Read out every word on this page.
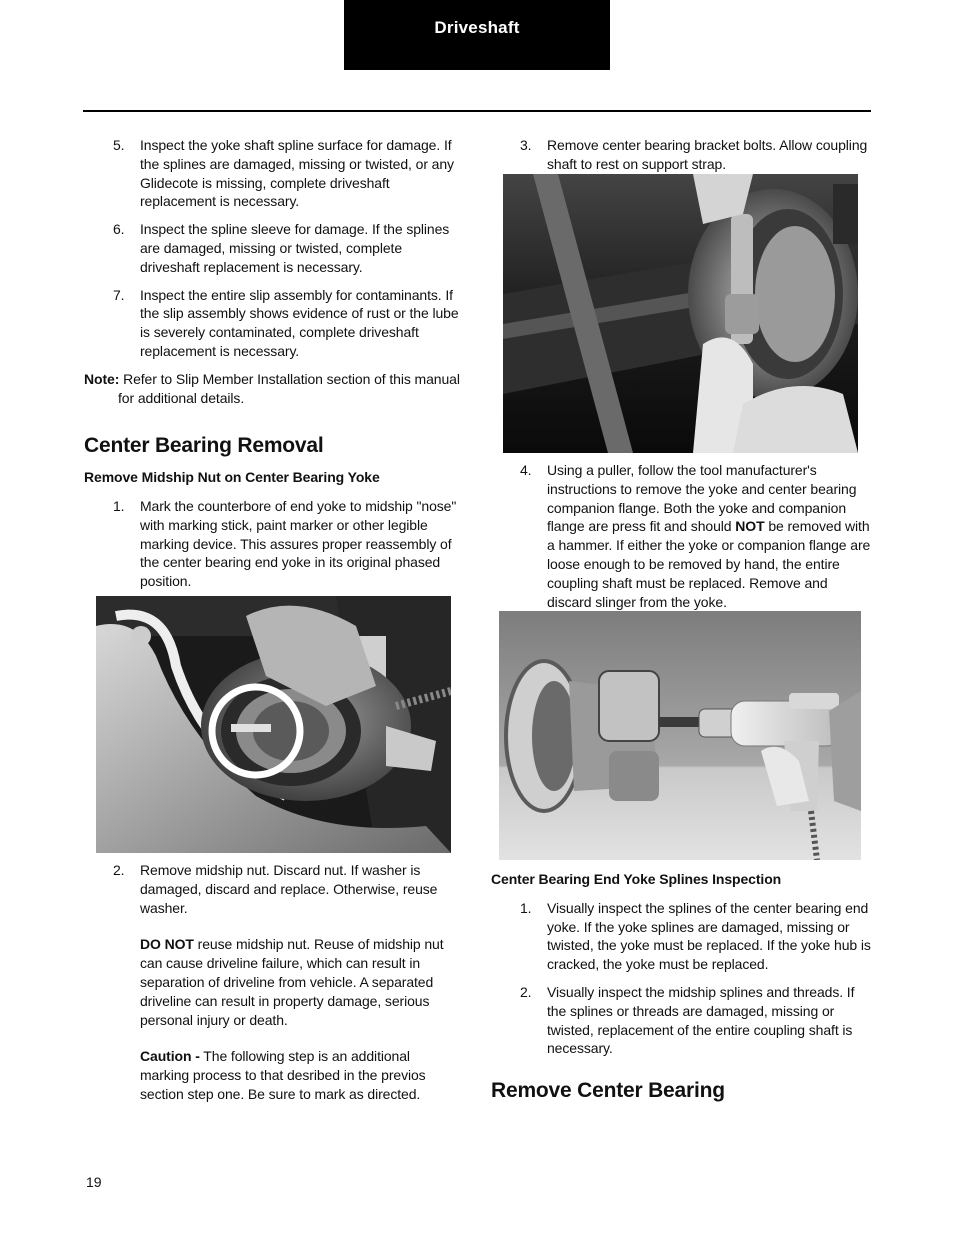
Driveshaft
5.	Inspect the yoke shaft spline surface for damage. If the splines are damaged, missing or twisted, or any Glidecote is missing, complete driveshaft replacement is necessary.
6.	Inspect the spline sleeve for damage. If the splines are damaged, missing or twisted, complete driveshaft replacement is necessary.
7.	Inspect the entire slip assembly for contaminants. If the slip assembly shows evidence of rust or the lube is severely contaminated, complete driveshaft replacement is necessary.

Note: Refer to Slip Member Installation section of this manual for additional details.

Center Bearing Removal
Remove Midship Nut on Center Bearing Yoke
1.	Mark the counterbore of end yoke to midship "nose" with marking stick, paint marker or other legible marking device. This assures proper reassembly of the center bearing end yoke in its original phased position.
2.	Remove midship nut. Discard nut. If washer is damaged, discard and replace. Otherwise, reuse washer.
DO NOT reuse midship nut. Reuse of midship nut can cause driveline failure, which can result in separation of driveline from vehicle. A separated driveline can result in property damage, serious personal injury or death.
Caution - The following step is an additional marking process to that desribed in the previos section step one. Be sure to mark as directed.
3.	Remove center bearing bracket bolts. Allow coupling shaft to rest on support strap.
4.	Using a puller, follow the tool manufacturer's instructions to remove the yoke and center bearing companion flange. Both the yoke and companion flange are press fit and should NOT be removed with a hammer. If either the yoke or companion flange are loose enough to be removed by hand, the entire coupling shaft must be replaced. Remove and discard slinger from the yoke.
Center Bearing End Yoke Splines Inspection
1.	Visually inspect the splines of the center bearing end yoke. If the yoke splines are damaged, missing or twisted, the yoke must be replaced. If the yoke hub is cracked, the yoke must be replaced.
2.	Visually inspect the midship splines and threads. If the splines or threads are damaged, missing or twisted, replacement of the entire coupling shaft is necessary.
Remove Center Bearing
19
